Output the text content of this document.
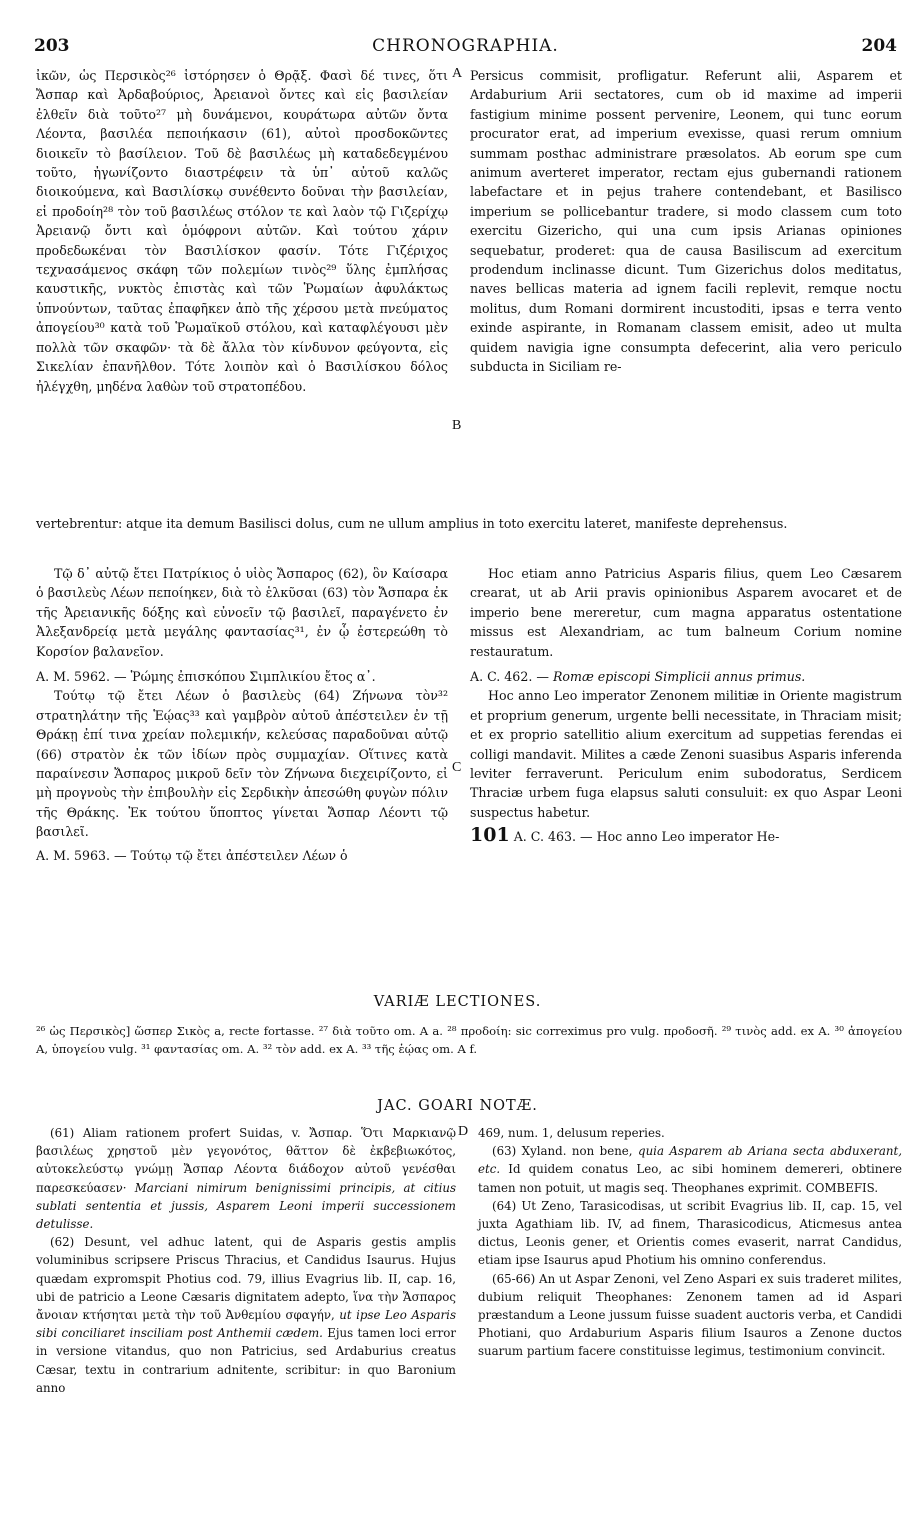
203	CHRONOGRAPHIA.	204

ἰκῶν, ὡς Περσικὸς²⁶ ἱστόρησεν ὁ Θρᾷξ. Φασὶ δέ τινες, ὅτι Ἄσπαρ καὶ Ἀρδαβούριος, Ἀρειανοὶ ὄντες καὶ εἰς βασιλείαν ἐλθεῖν διὰ τοῦτο²⁷ μὴ δυνάμενοι, κουράτωρα αὐτῶν ὄντα Λέοντα, βασιλέα πεποιήκασιν (61), αὐτοὶ προσδοκῶντες διοικεῖν τὸ βασίλειον. Τοῦ δὲ βασιλέως μὴ καταδεδεγμένου τοῦτο, ἠγωνίζοντο διαστρέφειν τὰ ὑπ᾽ αὐτοῦ καλῶς διοικούμενα, καὶ Βασιλίσκῳ συνέθεντο δοῦναι τὴν βασιλείαν, εἰ προδοίη²⁸ τὸν τοῦ βασιλέως στόλον τε καὶ λαὸν τῷ Γιζερίχῳ Ἀρειανῷ ὄντι καὶ ὁμόφρονι αὐτῶν. Καὶ τούτου χάριν προδεδωκέναι τὸν Βασιλίσκον φασίν. Τότε Γιζέριχος τεχνασάμενος σκάφη τῶν πολεμίων τινὸς²⁹ ὕλης ἐμπλήσας καυστικῆς, νυκτὸς ἐπιστὰς καὶ τῶν Ῥωμαίων ἀφυλάκτως ὑπνούντων, ταῦτας ἐπαφῆκεν ἀπὸ τῆς χέρσου μετὰ πνεύματος ἀπογείου³⁰ κατὰ τοῦ Ῥωμαϊκοῦ στόλου, καὶ καταφλέγουσι μὲν πολλὰ τῶν σκαφῶν· τὰ δὲ ἄλλα τὸν κίνδυνον φεύγοντα, εἰς Σικελίαν ἐπανῆλθον. Τότε λοιπὸν καὶ ὁ Βασιλίσκου δόλος ἠλέγχθη, μηδένα λαθὼν τοῦ στρατοπέδου.

Persicus commisit, profligatur. Referunt alii, Asparem et Ardaburium Arii sectatores, cum ob id maxime ad imperii fastigium minime possent pervenire, Leonem, qui tunc eorum procurator erat, ad imperium evexisse, quasi rerum omnium summam posthac administrare præsolatos. Ab eorum spe cum animum averteret imperator, rectam ejus gubernandi rationem labefactare et in pejus trahere contendebant, et Basilisco imperium se pollicebantur tradere, si modo classem cum toto exercitu Gizericho, qui una cum ipsis Arianas opiniones sequebatur, proderet: qua de causa Basiliscum ad exercitum prodendum inclinasse dicunt. Tum Gizerichus dolos meditatus, naves bellicas materia ad ignem facili replevit, remque noctu molitus, dum Romani dormirent incustoditi, ipsas e terra vento exinde aspirante, in Romanam classem emisit, adeo ut multa quidem navigia igne consumpta defecerint, alia vero periculo subducta in Siciliam re-

A
B
C
vertebrentur: atque ita demum Basilisci dolus, cum ne ullum amplius in toto exercitu lateret, manifeste deprehensus.

Τῷ δ᾽ αὐτῷ ἔτει Πατρίκιος ὁ υἱὸς Ἄσπαρος (62), ὃν Καίσαρα ὁ βασιλεὺς Λέων πεποίηκεν, διὰ τὸ ἑλκῦσαι (63) τὸν Ἄσπαρα ἐκ τῆς Ἀρειανικῆς δόξης καὶ εὐνοεῖν τῷ βασιλεῖ, παραγένετο ἐν Ἀλεξανδρείᾳ μετὰ μεγάλης φαντασίας³¹, ἐν ᾧ ἐστερεώθη τὸ Κορσίον βαλανεῖον.

Α. Μ. 5962. — Ῥώμης ἐπισκόπου Σιμπλικίου ἔτος α᾽.

Τούτῳ τῷ ἔτει Λέων ὁ βασιλεὺς (64) Ζήνωνα τὸν³² στρατηλάτην τῆς Ἑῴας³³ καὶ γαμβρὸν αὐτοῦ ἀπέστειλεν ἐν τῇ Θράκῃ ἐπί τινα χρείαν πολεμικήν, κελεύσας παραδοῦναι αὐτῷ (66) στρατὸν ἐκ τῶν ἰδίων πρὸς συμμαχίαν. Οἵτινες κατὰ παραίνεσιν Ἄσπαρος μικροῦ δεῖν τὸν Ζήνωνα διεχειρίζοντο, εἰ μὴ προγνοὺς τὴν ἐπιβουλὴν εἰς Σερδικὴν ἀπεσώθη φυγὼν πόλιν τῆς Θράκης. Ἐκ τούτου ὕποπτος γίνεται Ἄσπαρ Λέοντι τῷ βασιλεῖ.

Α. Μ. 5963. — Τούτῳ τῷ ἔτει ἀπέστειλεν Λέων ὁ

Hoc etiam anno Patricius Asparis filius, quem Leo Cæsarem crearat, ut ab Arii pravis opinionibus Asparem avocaret et de imperio bene mereretur, cum magna apparatus ostentatione missus est Alexandriam, ac tum balneum Corium nomine restauratum.

Α. C. 462. — Romæ episcopi Simplicii annus primus.

Hoc anno Leo imperator Zenonem militiæ in Oriente magistrum et proprium generum, urgente belli necessitate, in Thraciam misit; et ex proprio satellitio alium exercitum ad suppetias ferendas ei colligi mandavit. Milites a cæde Zenoni suasibus Asparis inferenda leviter ferraverunt. Periculum enim subodoratus, Serdicem Thraciæ urbem fuga elapsus saluti consuluit: ex quo Aspar Leoni suspectus habetur.

101 Α. C. 463. — Hoc anno Leo imperator He-

VARIÆ LECTIONES.
²⁶ ὡς Περσικὸς] ὥσπερ Σικὸς a, recte fortasse. ²⁷ διὰ τοῦτο om. A a. ²⁸ προδοίη: sic correximus pro vulg. προδοσῆ. ²⁹ τινὸς add. ex A. ³⁰ ἀπογείου A, ὑπογείου vulg. ³¹ φαντασίας om. A. ³² τὸν add. ex A. ³³ τῆς ἑῴας om. A f.
JAC. GOARI NOTÆ.

(61) Aliam rationem profert Suidas, v. Ἄσπαρ. Ὅτι Μαρκιανῷ βασιλέως χρηστοῦ μὲν γεγονότος, θᾶττον δὲ ἐκβεβιωκότος, αὐτοκελεύστῳ γνώμῃ Ἄσπαρ Λέοντα διάδοχον αὐτοῦ γενέσθαι παρεσκεύασεν· Marciani nimirum benignissimi principis, at citius sublati sententia et jussis, Asparem Leoni imperii successionem detulisse.

(62) Desunt, vel adhuc latent, qui de Asparis gestis amplis voluminibus scripsere Priscus Thracius, et Candidus Isaurus. Hujus quædam expromspit Photius cod. 79, illius Evagrius lib. II, cap. 16, ubi de patricio a Leone Cæsaris dignitatem adepto, ἵνα τὴν Ἄσπαρος ἄνοιαν κτήσηται μετὰ τὴν τοῦ Ἀνθεμίου σφαγήν, ut ipse Leo Asparis sibi conciliaret insciliam post Anthemii cædem. Ejus tamen loci error in versione vitandus, quo non Patricius, sed Ardaburius creatus Cæsar, textu in contrarium adnitente, scribitur: in quo Baronium anno

D 469, num. 1, delusum reperies.

(63) Xyland. non bene, quia Asparem ab Ariana secta abduxerant, etc. Id quidem conatus Leo, ac sibi hominem demereri, obtinere tamen non potuit, ut magis seq. Theophanes exprimit. COMBEFIS.

(64) Ut Zeno, Tarasicodisas, ut scribit Evagrius lib. II, cap. 15, vel juxta Agathiam lib. IV, ad finem, Tharasicodicus, Aticmesus antea dictus, Leonis gener, et Orientis comes evaserit, narrat Candidus, etiam ipse Isaurus apud Photium his omnino conferendus.

(65-66) An ut Aspar Zenoni, vel Zeno Aspari ex suis traderet milites, dubium reliquit Theophanes: Zenonem tamen ad id Aspari præstandum a Leone jussum fuisse suadent auctoris verba, et Candidi Photiani, quo Ardaburium Asparis filium Isauros a Zenone ductos suarum partium facere constituisse legimus, testimonium convincit.
